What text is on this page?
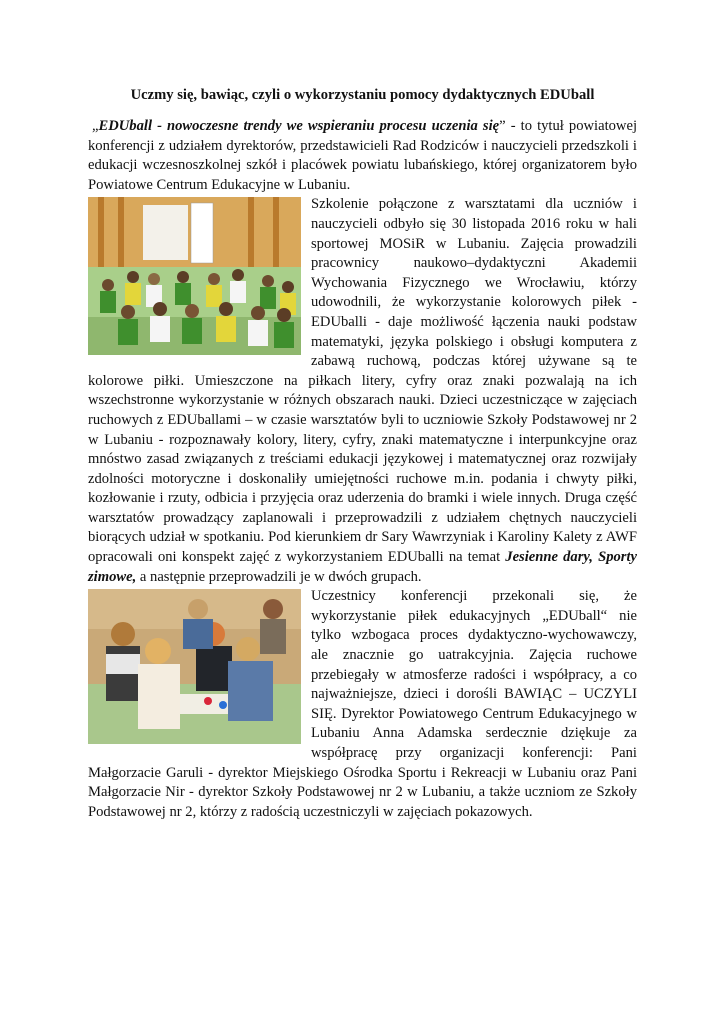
Uczmy się, bawiąc, czyli o wykorzystaniu pomocy dydaktycznych EDUball

„EDUball - nowoczesne trendy we wspieraniu procesu uczenia się” - to tytuł powiatowej konferencji z udziałem dyrektorów, przedstawicieli Rad Rodziców i nauczycieli przedszkoli i edukacji wczesnoszkolnej szkół i placówek powiatu lubańskiego, której organizatorem było Powiatowe Centrum Edukacyjne w Lubaniu.

Szkolenie połączone z warsztatami dla uczniów i nauczycieli odbyło się 30 listopada 2016 roku w hali sportowej MOSiR w Lubaniu. Zajęcia prowadzili pracownicy naukowo–dydaktyczni Akademii Wychowania Fizycznego we Wrocławiu, którzy udowodnili, że wykorzystanie kolorowych piłek - EDUballi - daje możliwość łączenia nauki podstaw matematyki, języka polskiego i obsługi komputera z zabawą ruchową, podczas której używane są te kolorowe piłki. Umieszczone na piłkach litery, cyfry oraz znaki pozwalają na ich wszechstronne wykorzystanie w różnych obszarach nauki. Dzieci uczestniczące w zajęciach ruchowych z EDUballami – w czasie warsztatów byli to uczniowie Szkoły Podstawowej nr 2 w Lubaniu - rozpoznawały kolory, litery, cyfry, znaki matematyczne i interpunkcyjne oraz mnóstwo zasad związanych z treściami edukacji językowej i matematycznej oraz rozwijały zdolności motoryczne i doskonaliły umiejętności ruchowe m.in. podania i chwyty piłki, kozłowanie i rzuty, odbicia i przyjęcia oraz uderzenia do bramki i wiele innych. Druga część warsztatów prowadzący zaplanowali i przeprowadzili z udziałem chętnych nauczycieli biorących udział w spotkaniu. Pod kierunkiem dr Sary Wawrzyniak i Karoliny Kalety z AWF opracowali oni konspekt zajęć z wykorzystaniem EDUballi na temat Jesienne dary, Sporty zimowe, a następnie przeprowadzili je w dwóch grupach.

Uczestnicy konferencji przekonali się, że wykorzystanie piłek edukacyjnych „EDUball“ nie tylko wzbogaca proces dydaktyczno-wychowawczy, ale znacznie go uatrakcyjnia. Zajęcia ruchowe przebiegały w atmosferze radości i współpracy, a co najważniejsze, dzieci i dorośli BAWIĄC – UCZYLI SIĘ. Dyrektor Powiatowego Centrum Edukacyjnego w Lubaniu Anna Adamska serdecznie dziękuje za współpracę przy organizacji konferencji: Pani Małgorzacie Garuli - dyrektor Miejskiego Ośrodka Sportu i Rekreacji w Lubaniu oraz Pani Małgorzacie Nir - dyrektor Szkoły Podstawowej nr 2 w Lubaniu, a także uczniom ze Szkoły Podstawowej nr 2, którzy z radością uczestniczyli w zajęciach pokazowych.
